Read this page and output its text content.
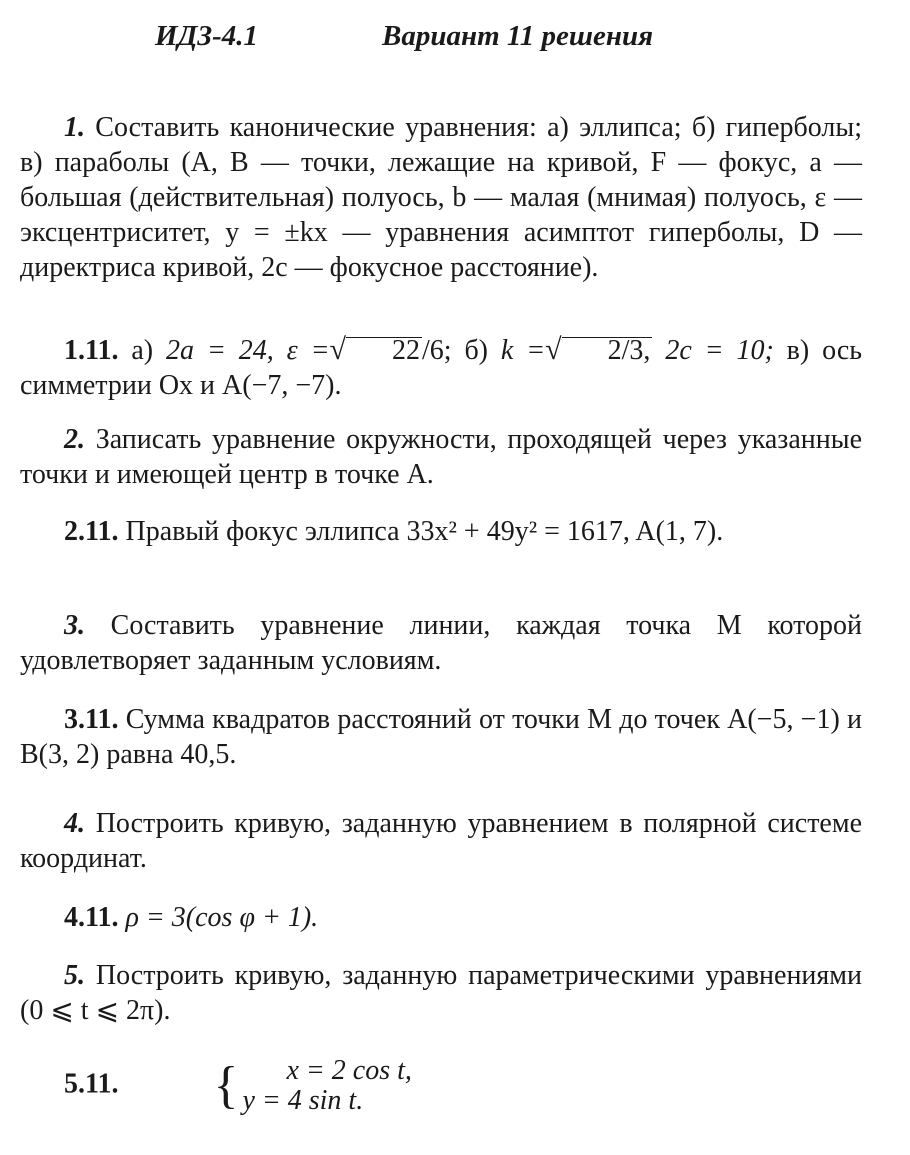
ИДЗ-4.1	Вариант 11 решения
1. Составить канонические уравнения: а) эллипса; б) гиперболы; в) параболы (A, B — точки, лежащие на кривой, F — фокус, a — большая (действительная) полуось, b — малая (мнимая) полуось, ε — эксцентриситет, y = ±kx — уравнения асимптот гиперболы, D — директриса кривой, 2c — фокусное расстояние).
1.11. а) 2a = 24, ε =√ 22/6; б) k =√ 2/3, 2c = 10; в) ось симметрии Ox и A(−7, −7).
2. Записать уравнение окружности, проходящей через указанные точки и имеющей центр в точке A.
2.11. Правый фокус эллипса 33x² + 49y² = 1617, A(1, 7).
3. Составить уравнение линии, каждая точка M которой удовлетворяет заданным условиям.
3.11. Сумма квадратов расстояний от точки M до точек A(−5, −1) и B(3, 2) равна 40,5.
4. Построить кривую, заданную уравнением в полярной системе координат.
4.11. ρ = 3(cos φ + 1).
5. Построить кривую, заданную параметрическими уравнениями (0 ⩽ t ⩽ 2π).
5.11. { x = 2 cos t,
y = 4 sin t.
